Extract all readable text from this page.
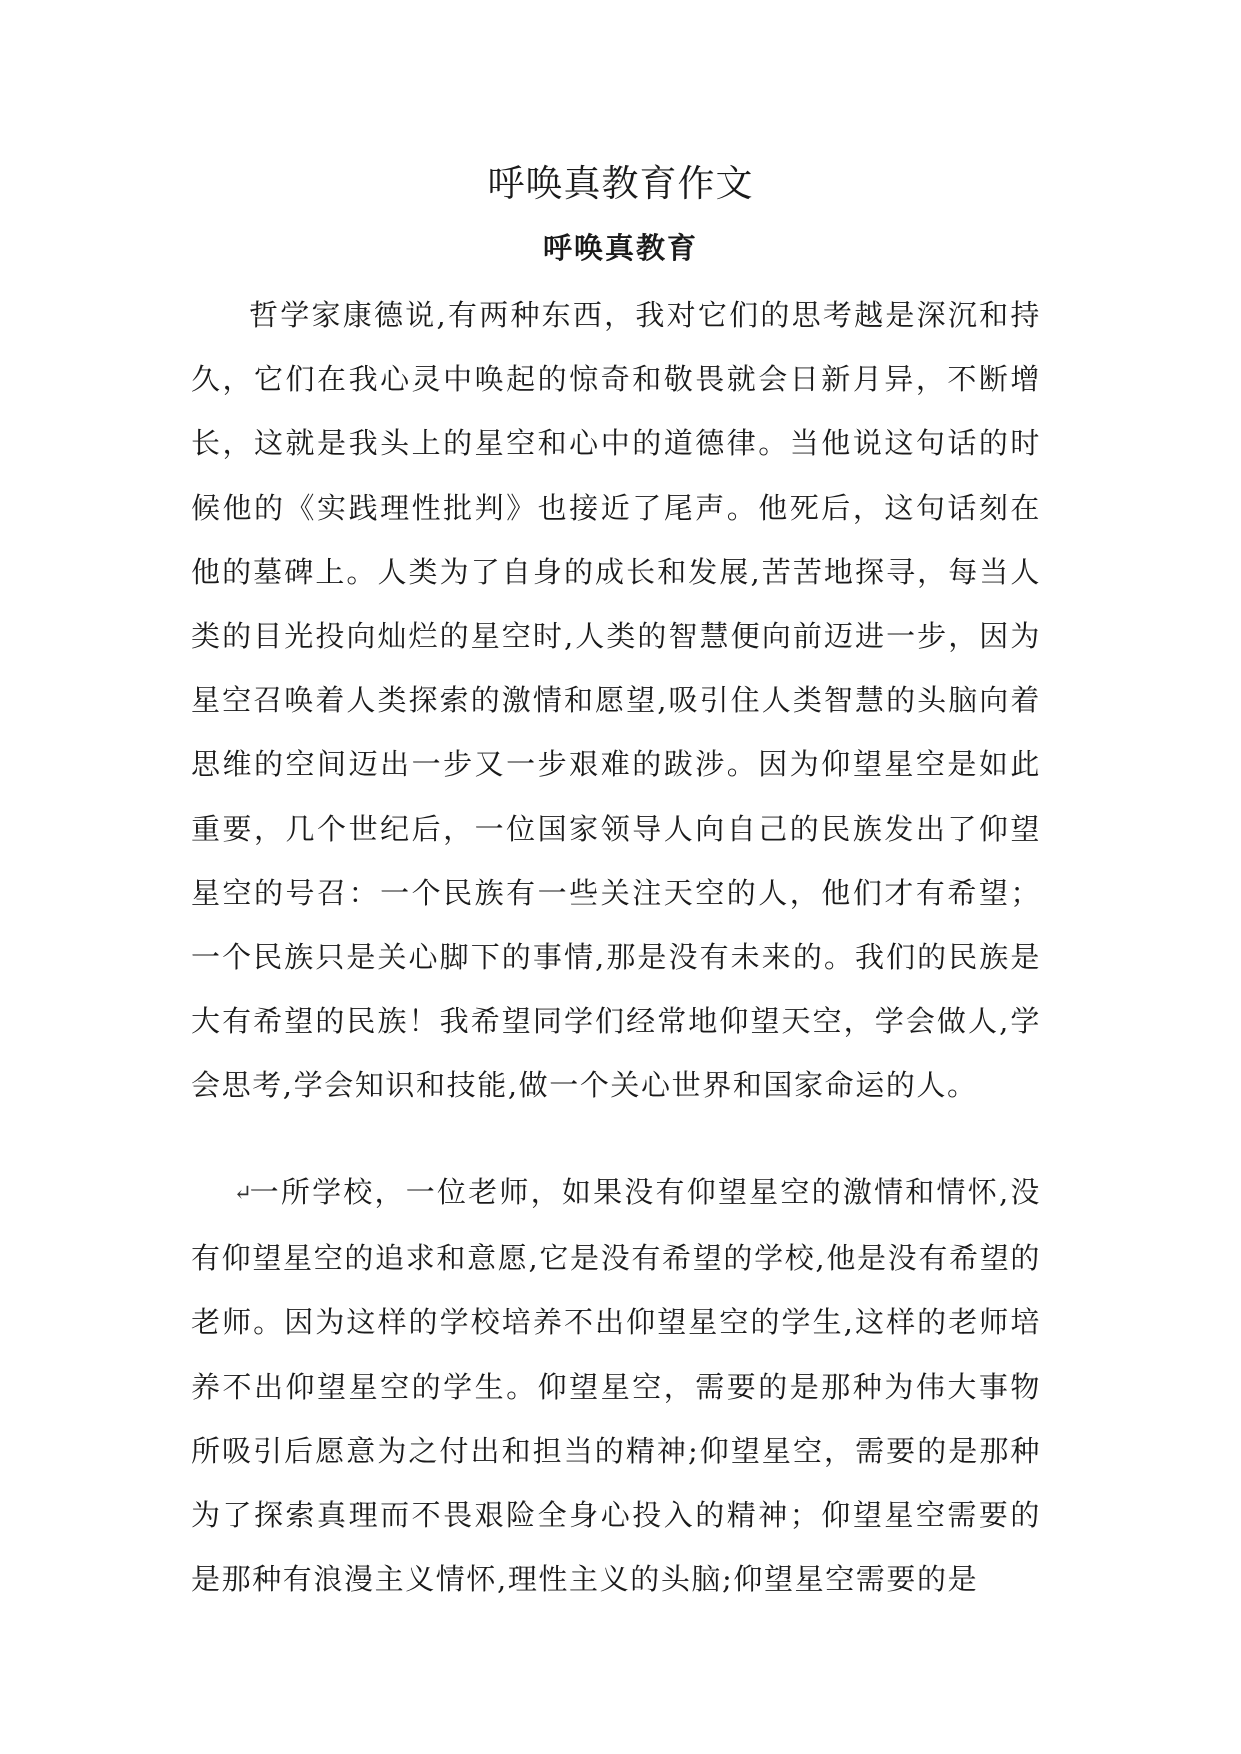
呼唤真教育作文
呼唤真教育

哲学家康德说,有两种东西，我对它们的思考越是深沉和持久，它们在我心灵中唤起的惊奇和敬畏就会日新月异，不断增长，这就是我头上的星空和心中的道德律。当他说这句话的时候他的《实践理性批判》也接近了尾声。他死后，这句话刻在他的墓碑上。人类为了自身的成长和发展,苦苦地探寻，每当人类的目光投向灿烂的星空时,人类的智慧便向前迈进一步，因为星空召唤着人类探索的激情和愿望,吸引住人类智慧的头脑向着思维的空间迈出一步又一步艰难的跋涉。因为仰望星空是如此重要，几个世纪后，一位国家领导人向自己的民族发出了仰望星空的号召：一个民族有一些关注天空的人，他们才有希望；一个民族只是关心脚下的事情,那是没有未来的。我们的民族是大有希望的民族！我希望同学们经常地仰望天空，学会做人,学会思考,学会知识和技能,做一个关心世界和国家命运的人。

↵一所学校，一位老师，如果没有仰望星空的激情和情怀,没有仰望星空的追求和意愿,它是没有希望的学校,他是没有希望的老师。因为这样的学校培养不出仰望星空的学生,这样的老师培养不出仰望星空的学生。仰望星空，需要的是那种为伟大事物所吸引后愿意为之付出和担当的精神;仰望星空，需要的是那种为了探索真理而不畏艰险全身心投入的精神；仰望星空需要的是那种有浪漫主义情怀,理性主义的头脑;仰望星空需要的是
